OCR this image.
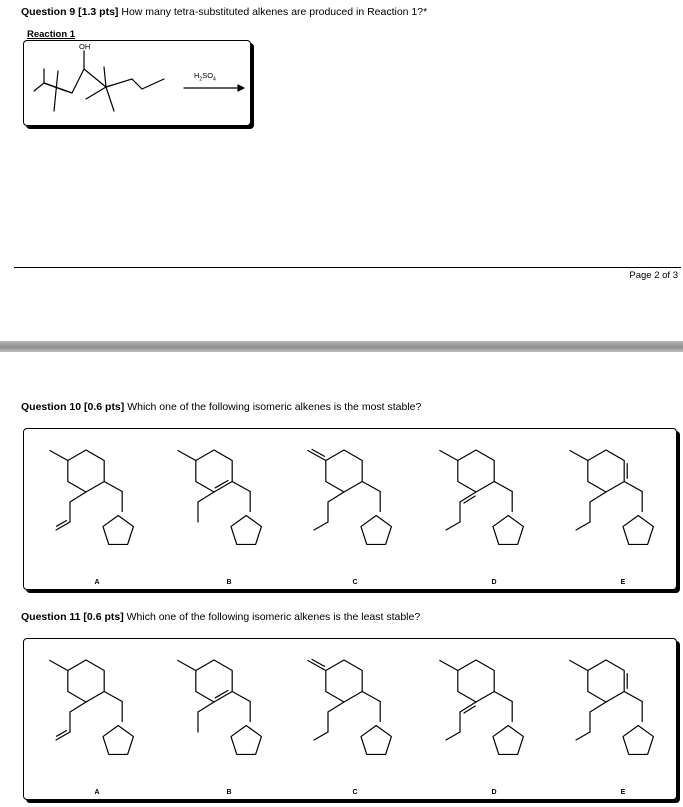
Question 9 [1.3 pts] How many tetra-substituted alkenes are produced in Reaction 1?*
OH
$H_2SO_4$
Reaction 1
Page 2 of 3
Question 10 [0.6 pts] Which one of the following isomeric alkenes is the most stable?
A	B	C	D	E
Question 11 [0.6 pts] Which one of the following isomeric alkenes is the least stable?
A	B	C	D	E
